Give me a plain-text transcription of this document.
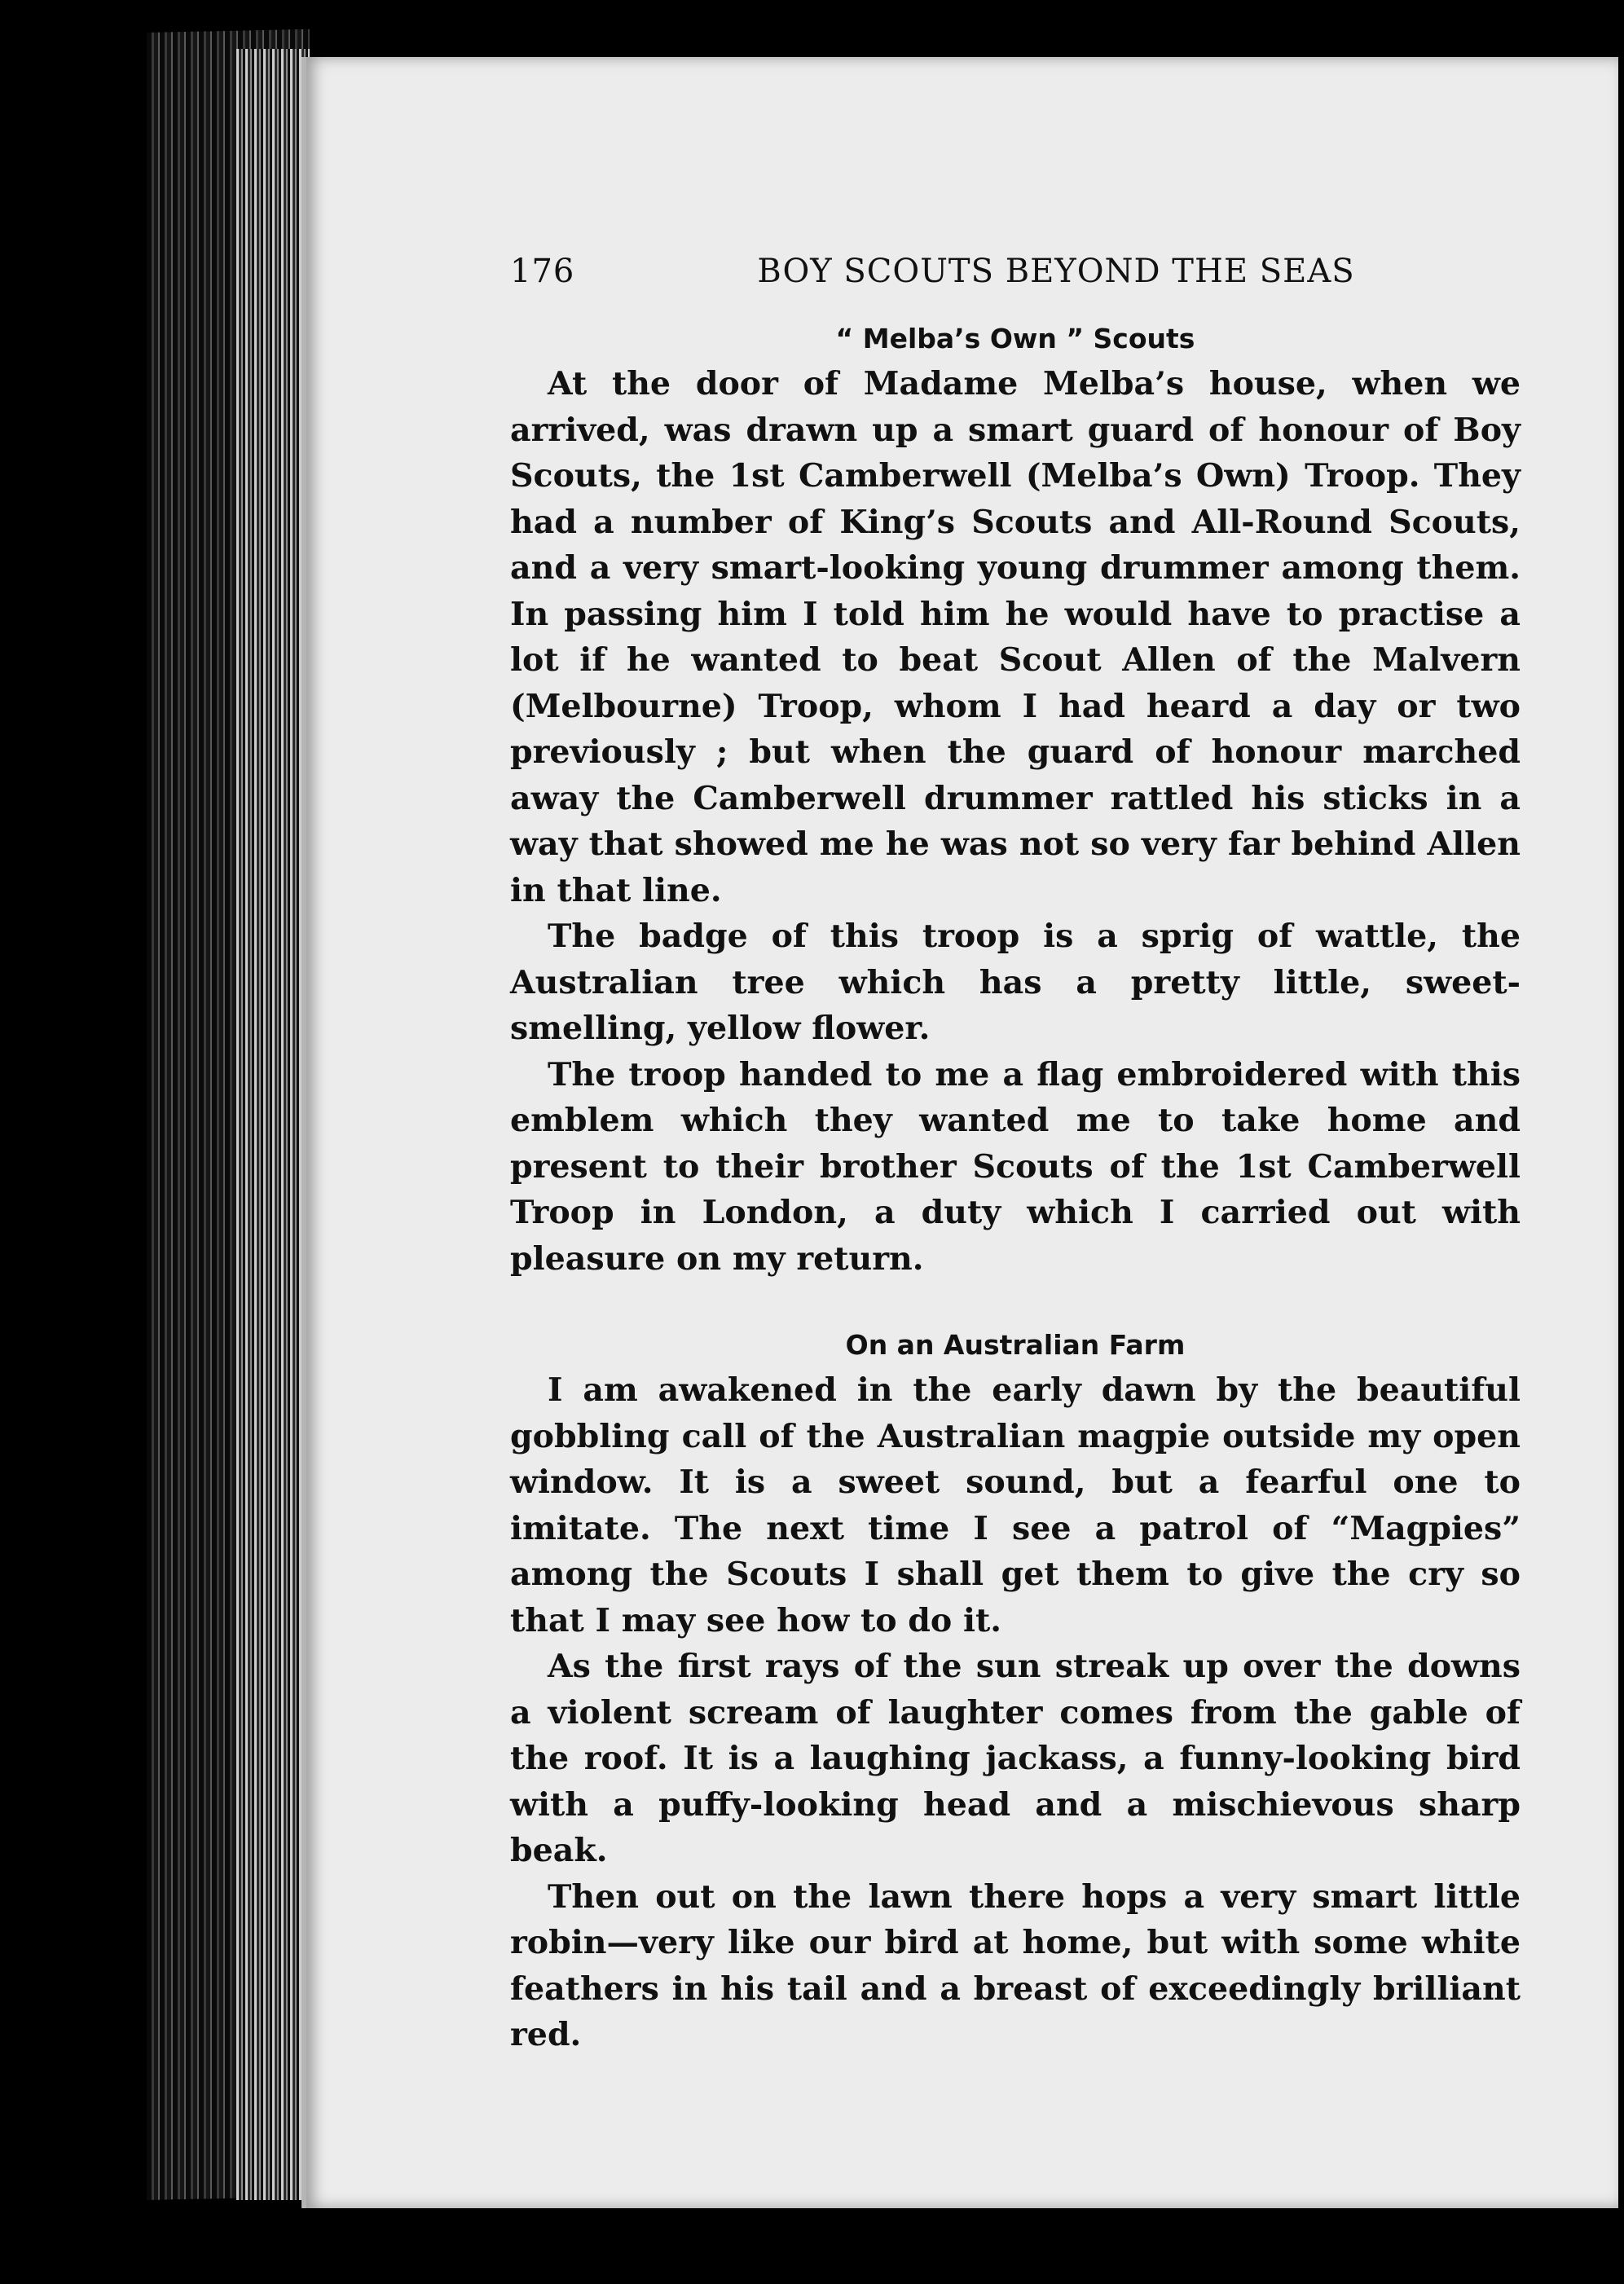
176	BOY SCOUTS BEYOND THE SEAS
“ Melba’s Own ” Scouts

At the door of Madame Melba’s house, when we arrived, was drawn up a smart guard of honour of Boy Scouts, the 1st Camberwell (Melba’s Own) Troop. They had a number of King’s Scouts and All-Round Scouts, and a very smart-looking young drummer among them. In passing him I told him he would have to practise a lot if he wanted to beat Scout Allen of the Malvern (Melbourne) Troop, whom I had heard a day or two previously ; but when the guard of honour marched away the Camberwell drummer rattled his sticks in a way that showed me he was not so very far behind Allen in that line.

The badge of this troop is a sprig of wattle, the Australian tree which has a pretty little, sweet-smelling, yellow flower.

The troop handed to me a flag embroidered with this emblem which they wanted me to take home and present to their brother Scouts of the 1st Camberwell Troop in London, a duty which I carried out with pleasure on my return.

On an Australian Farm

I am awakened in the early dawn by the beautiful gobbling call of the Australian magpie outside my open window. It is a sweet sound, but a fearful one to imitate. The next time I see a patrol of “Magpies” among the Scouts I shall get them to give the cry so that I may see how to do it.

As the first rays of the sun streak up over the downs a violent scream of laughter comes from the gable of the roof. It is a laughing jackass, a funny-looking bird with a puffy-looking head and a mischievous sharp beak.

Then out on the lawn there hops a very smart little robin—very like our bird at home, but with some white feathers in his tail and a breast of exceedingly brilliant red.
